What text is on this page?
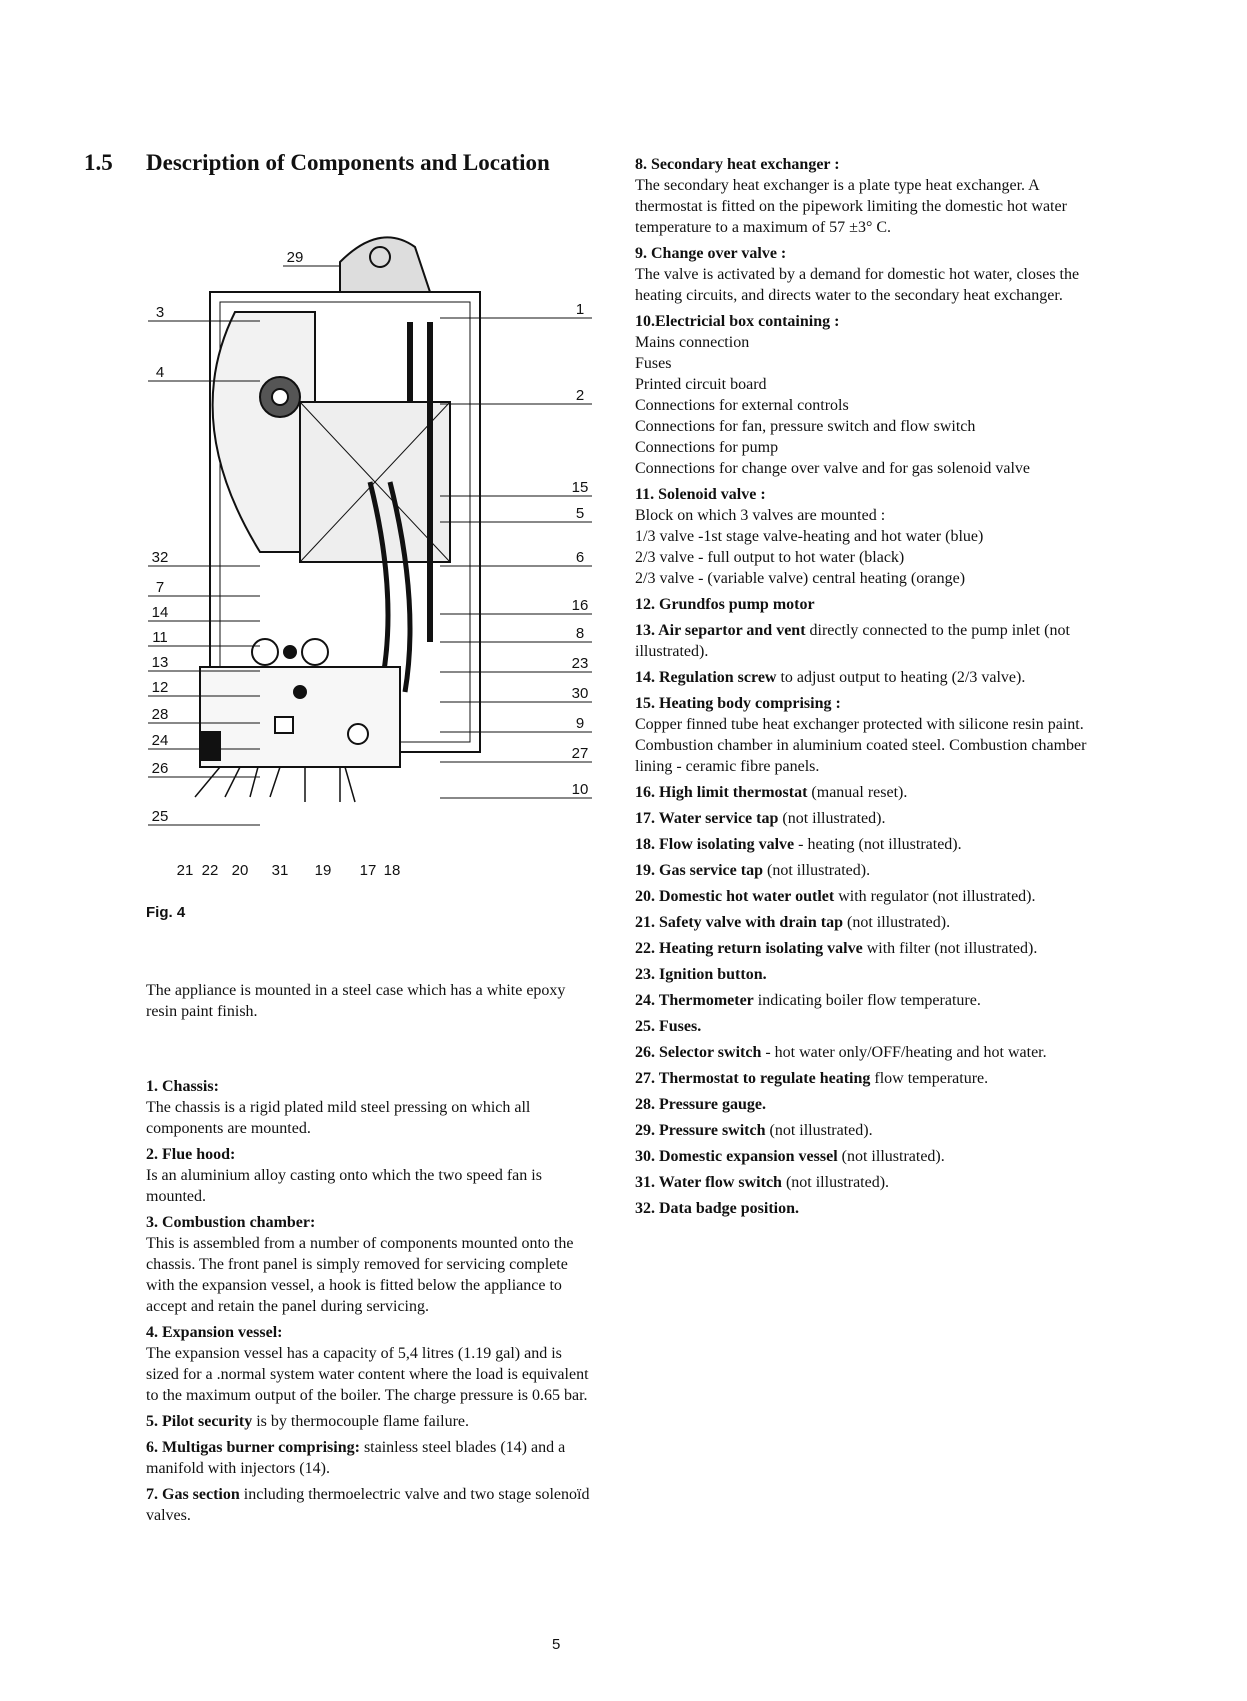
1.5 Description of Components and Location
3
4
32
7
14
11
13
12
28
24
26
25
1
2
15
5
6
16
8
23
30
9
27
10
29
21 22 20 31 19 17 18

Fig. 4

The appliance is mounted in a steel case which has a white epoxy resin paint finish.

1. Chassis:
The chassis is a rigid plated mild steel pressing on which all components are mounted.
2. Flue hood:
Is an aluminium alloy casting onto which the two speed fan is mounted.
3. Combustion chamber:
This is assembled from a number of components mounted onto the chassis. The front panel is simply removed for servicing complete with the expansion vessel, a hook is fitted below the appliance to accept and retain the panel during servicing.
4. Expansion vessel:
The expansion vessel has a capacity of 5,4 litres (1.19 gal) and is sized for a .normal system water content where the load is equivalent to the maximum output of the boiler. The charge pressure is 0.65 bar.
5. Pilot security is by thermocouple flame failure.
6. Multigas burner comprising: stainless steel blades (14) and a manifold with injectors (14).
7. Gas section including thermoelectric valve and two stage solenoïd valves.
8. Secondary heat exchanger :
The secondary heat exchanger is a plate type heat exchanger. A thermostat is fitted on the pipework limiting the domestic hot water temperature to a maximum of 57 ±3° C.
9. Change over valve :
The valve is activated by a demand for domestic hot water, closes the heating circuits, and directs water to the secondary heat exchanger.
10.Electricial box containing :
Mains connection
Fuses
Printed circuit board
Connections for external controls
Connections for fan, pressure switch and flow switch
Connections for pump
Connections for change over valve and for gas solenoid valve
11. Solenoid valve :
Block on which 3 valves are mounted :
1/3 valve -1st stage valve-heating and hot water (blue)
2/3 valve - full output to hot water (black)
2/3 valve - (variable valve) central heating (orange)
12. Grundfos pump motor
13. Air separtor and vent directly connected to the pump inlet (not illustrated).
14. Regulation screw to adjust output to heating (2/3 valve).
15. Heating body comprising :
Copper finned tube heat exchanger protected with silicone resin paint. Combustion chamber in aluminium coated steel. Combustion chamber lining - ceramic fibre panels.
16. High limit thermostat (manual reset).
17. Water service tap (not illustrated).
18. Flow isolating valve - heating (not illustrated).
19. Gas service tap (not illustrated).
20. Domestic hot water outlet with regulator (not illustrated).
21. Safety valve with drain tap (not illustrated).
22. Heating return isolating valve with filter (not illustrated).
23. Ignition button.
24. Thermometer indicating boiler flow temperature.
25. Fuses.
26. Selector switch - hot water only/OFF/heating and hot water.
27. Thermostat to regulate heating flow temperature.
28. Pressure gauge.
29. Pressure switch (not illustrated).
30. Domestic expansion vessel (not illustrated).
31. Water flow switch (not illustrated).
32. Data badge position.

5
